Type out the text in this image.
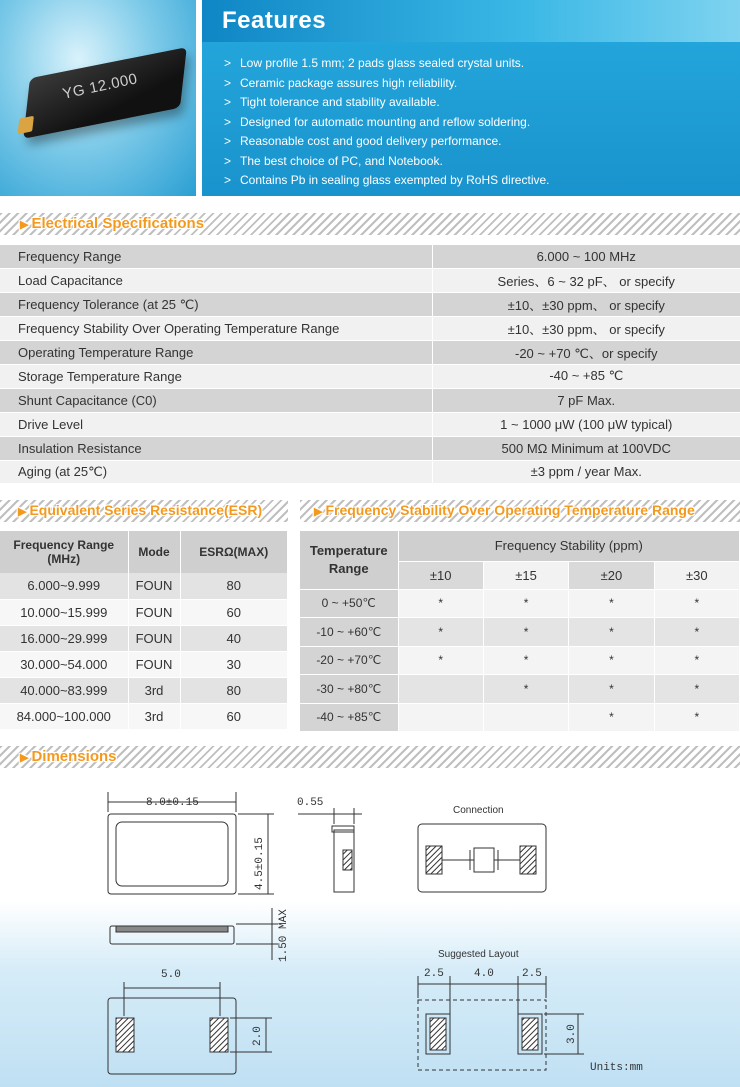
YG 12.000
Features
> Low profile 1.5 mm; 2 pads glass sealed crystal units.
> Ceramic package assures high reliability.
> Tight tolerance and stability available.
> Designed for automatic mounting and reflow soldering.
> Reasonable cost and good delivery performance.
> The best choice of PC, and Notebook.
> Contains Pb in sealing glass exempted by RoHS directive.
▶ Electrical Specifications
Frequency Range	6.000 ~ 100 MHz
Load Capacitance	Series、6 ~ 32 pF、 or specify
Frequency Tolerance (at 25 ℃)	±10、±30 ppm、 or specify
Frequency Stability Over Operating Temperature Range	±10、±30 ppm、 or specify
Operating Temperature Range	-20 ~ +70 ℃、or specify
Storage Temperature Range	-40 ~ +85 ℃
Shunt Capacitance (C0)	7 pF Max.
Drive Level	1 ~ 1000 μW (100 μW typical)
Insulation Resistance	500 MΩ Minimum at 100VDC
Aging (at 25℃)	±3 ppm / year Max.
▶ Equivalent Series Resistance(ESR)
Frequency Range
(MHz)	Mode	ESRΩ(MAX)
6.000~9.999	FOUN	80
10.000~15.999	FOUN	60
16.000~29.999	FOUN	40
30.000~54.000	FOUN	30
40.000~83.999	3rd	80
84.000~100.000	3rd	60
▶ Frequency Stability Over Operating Temperature Range
Temperature
Range	Frequency Stability (ppm)			
	±10	±15	±20	±30
0 ~ +50℃	*	*	*	*
-10 ~ +60℃	*	*	*	*
-20 ~ +70℃	*	*	*	*
-30 ~ +80℃		*	*	*
-40 ~ +85℃			*	*
▶ Dimensions
8.0±0.15
4.5±0.15
0.55
Connection
1.50 MAX
5.0
2.0
Suggested Layout
2.5	4.0	2.5
3.0
Units:mm
